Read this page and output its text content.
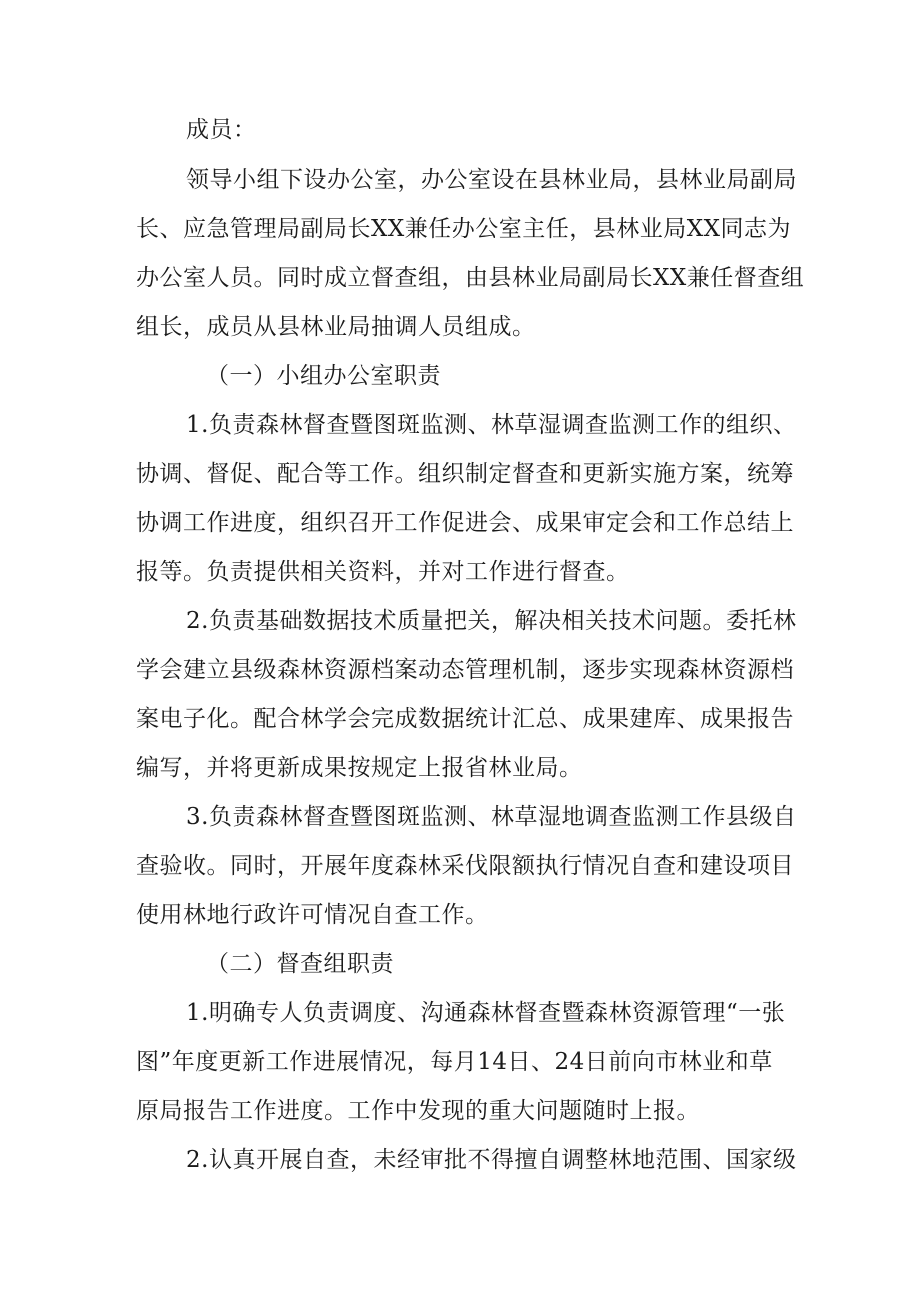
成员：
领导小组下设办公室，办公室设在县林业局，县林业局副局
长、应急管理局副局长XX兼任办公室主任，县林业局XX同志为
办公室人员。同时成立督查组，由县林业局副局长XX兼任督查组
组长，成员从县林业局抽调人员组成。
（一）小组办公室职责
1.负责森林督查暨图斑监测、林草湿调查监测工作的组织、
协调、督促、配合等工作。组织制定督查和更新实施方案，统筹
协调工作进度，组织召开工作促进会、成果审定会和工作总结上
报等。负责提供相关资料，并对工作进行督查。
2.负责基础数据技术质量把关，解决相关技术问题。委托林
学会建立县级森林资源档案动态管理机制，逐步实现森林资源档
案电子化。配合林学会完成数据统计汇总、成果建库、成果报告
编写，并将更新成果按规定上报省林业局。
3.负责森林督查暨图斑监测、林草湿地调查监测工作县级自
查验收。同时，开展年度森林采伐限额执行情况自查和建设项目
使用林地行政许可情况自查工作。
（二）督查组职责
1.明确专人负责调度、沟通森林督查暨森林资源管理“一张
图”年度更新工作进展情况，每月14日、24日前向市林业和草
原局报告工作进度。工作中发现的重大问题随时上报。
2.认真开展自查，未经审批不得擅自调整林地范围、国家级
